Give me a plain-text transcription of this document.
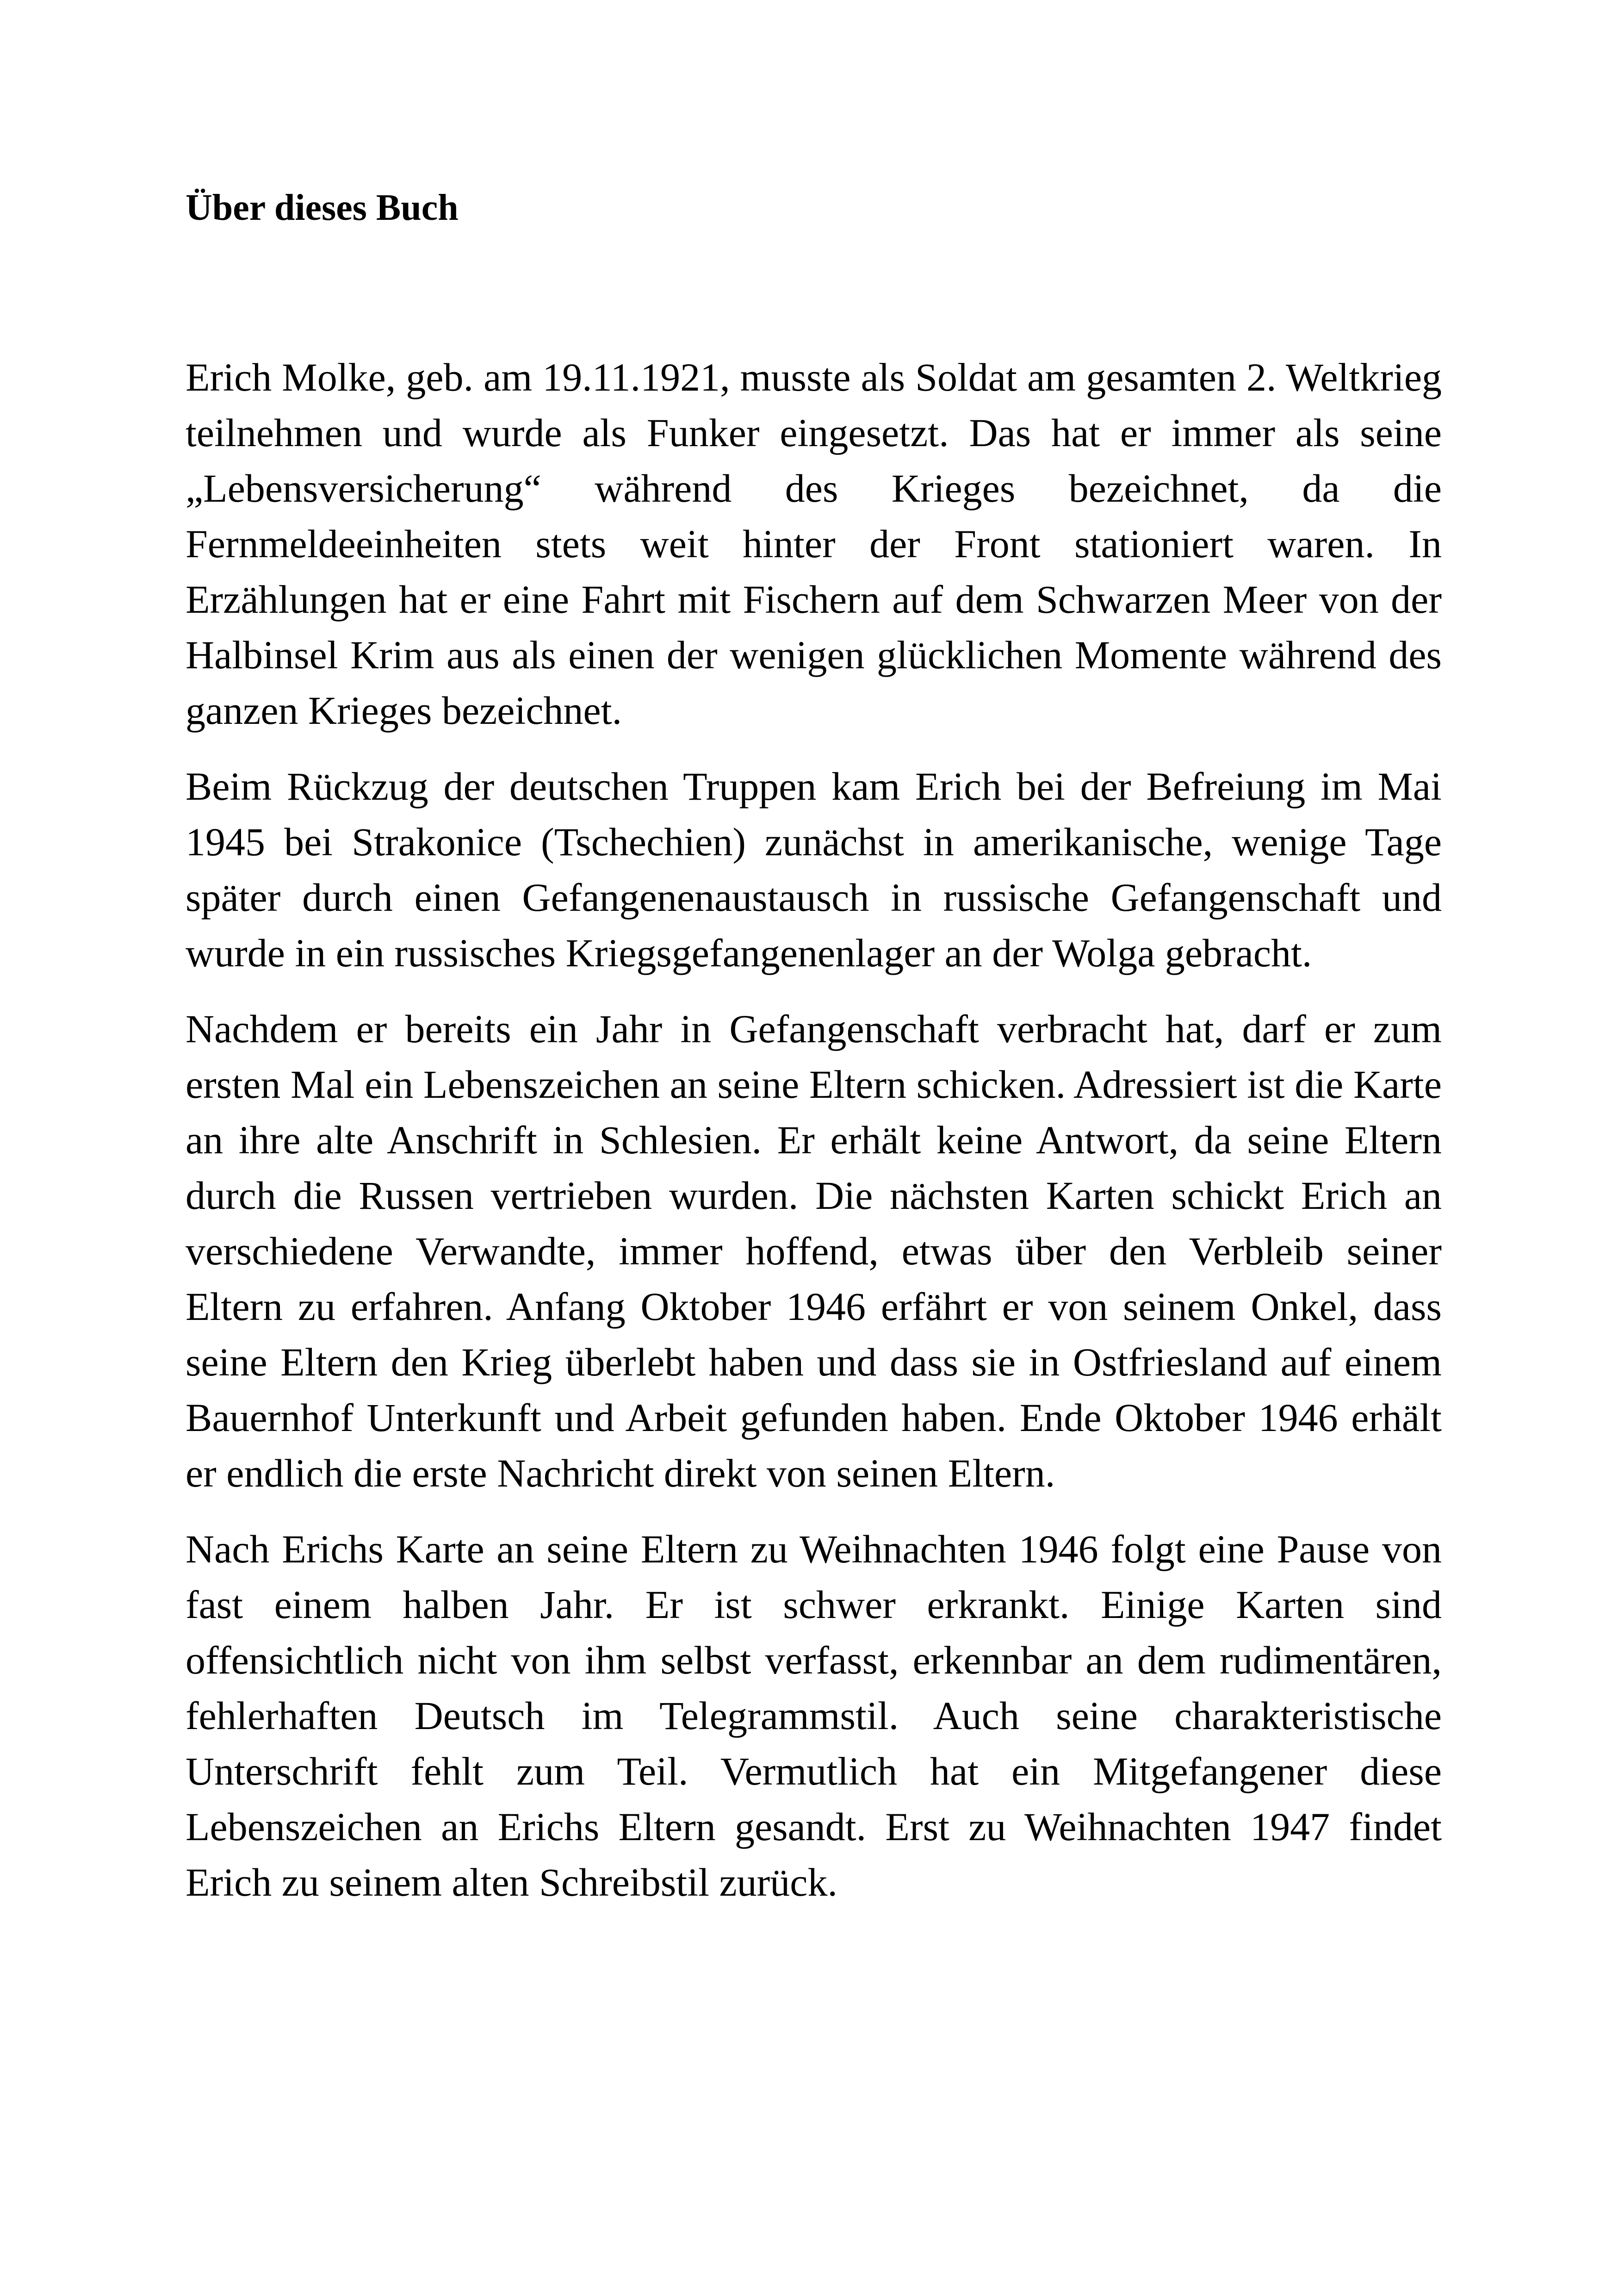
Über dieses Buch

Erich Molke, geb. am 19.11.1921, musste als Soldat am gesamten 2. Weltkrieg teilnehmen und wurde als Funker eingesetzt. Das hat er immer als seine „Lebensversicherung“ während des Krieges bezeichnet, da die Fernmeldeeinheiten stets weit hinter der Front stationiert waren. In Erzählungen hat er eine Fahrt mit Fischern auf dem Schwarzen Meer von der Halbinsel Krim aus als einen der wenigen glücklichen Momente während des ganzen Krieges bezeichnet.

Beim Rückzug der deutschen Truppen kam Erich bei der Befreiung im Mai 1945 bei Strakonice (Tschechien) zunächst in amerikanische, wenige Tage später durch einen Gefangenenaustausch in russische Gefangenschaft und wurde in ein russisches Kriegsgefangenenlager an der Wolga gebracht.

Nachdem er bereits ein Jahr in Gefangenschaft verbracht hat, darf er zum ersten Mal ein Lebenszeichen an seine Eltern schicken. Adressiert ist die Karte an ihre alte Anschrift in Schlesien. Er erhält keine Antwort, da seine Eltern durch die Russen vertrieben wurden. Die nächsten Karten schickt Erich an verschiedene Verwandte, immer hoffend, etwas über den Verbleib seiner Eltern zu erfahren. Anfang Oktober 1946 erfährt er von seinem Onkel, dass seine Eltern den Krieg überlebt haben und dass sie in Ostfriesland auf einem Bauernhof Unterkunft und Arbeit gefunden haben. Ende Oktober 1946 erhält er endlich die erste Nachricht direkt von seinen Eltern.

Nach Erichs Karte an seine Eltern zu Weihnachten 1946 folgt eine Pause von fast einem halben Jahr. Er ist schwer erkrankt. Einige Karten sind offensichtlich nicht von ihm selbst verfasst, erkennbar an dem rudimentären, fehlerhaften Deutsch im Telegrammstil. Auch seine charakteristische Unterschrift fehlt zum Teil. Vermutlich hat ein Mitgefangener diese Lebenszeichen an Erichs Eltern gesandt. Erst zu Weihnachten 1947 findet Erich zu seinem alten Schreibstil zurück.
